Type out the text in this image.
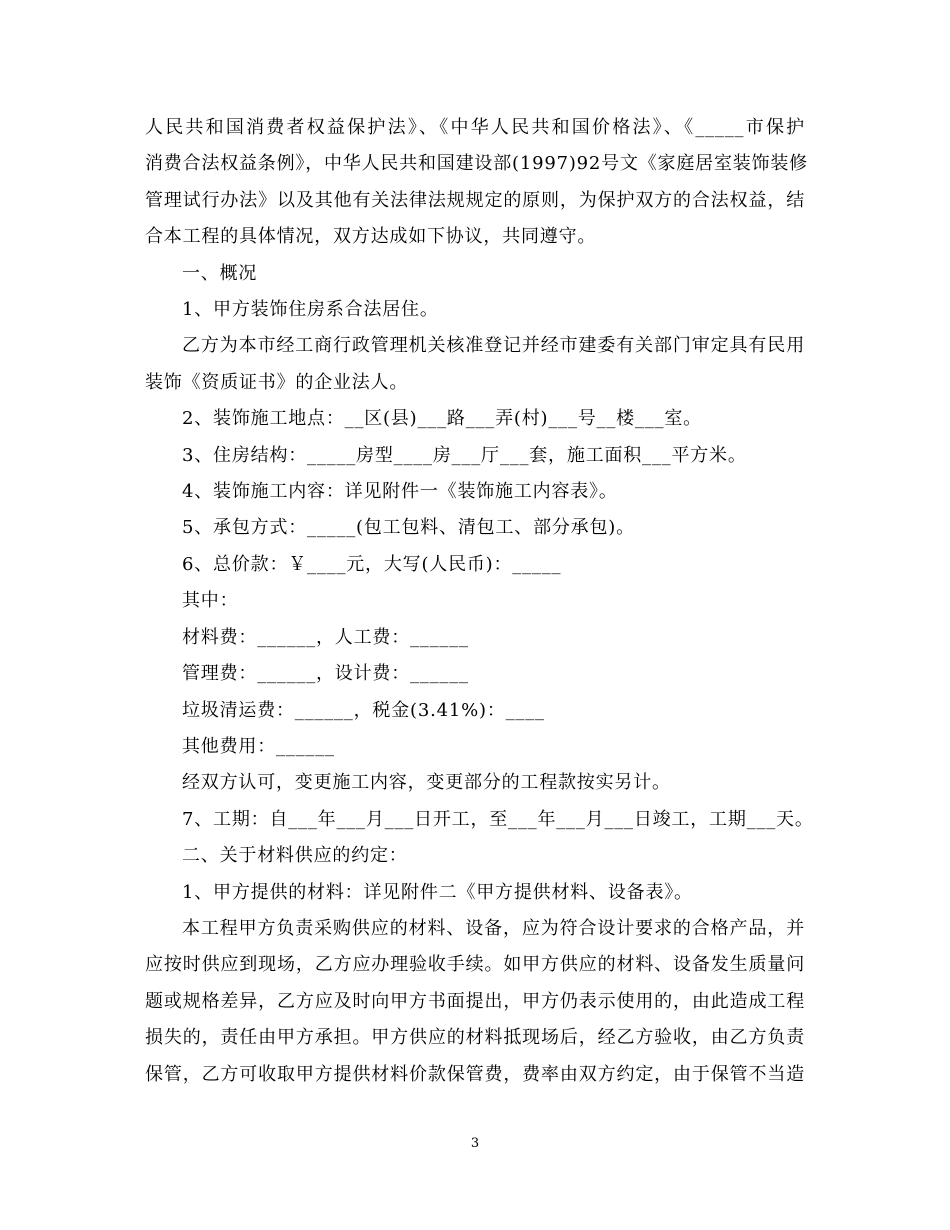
人民共和国消费者权益保护法》、《中华人民共和国价格法》、《_____市保护

消费合法权益条例》，中华人民共和国建设部(1997)92号文《家庭居室装饰装修

管理试行办法》以及其他有关法律法规规定的原则，为保护双方的合法权益，结

合本工程的具体情况，双方达成如下协议，共同遵守。

一、概况

1、甲方装饰住房系合法居住。

乙方为本市经工商行政管理机关核准登记并经市建委有关部门审定具有民用

装饰《资质证书》的企业法人。

2、装饰施工地点：__区(县)___路___弄(村)___号__楼___室。

3、住房结构：_____房型____房___厅___套，施工面积___平方米。

4、装饰施工内容：详见附件一《装饰施工内容表》。

5、承包方式：_____(包工包料、清包工、部分承包)。

6、总价款：￥____元，大写(人民币)：_____

其中：

材料费：______，人工费：______

管理费：______，设计费：______

垃圾清运费：______，税金(3.41%)：____

其他费用：______

经双方认可，变更施工内容，变更部分的工程款按实另计。

7、工期：自___年___月___日开工，至___年___月___日竣工，工期___天。

二、关于材料供应的约定：

1、甲方提供的材料：详见附件二《甲方提供材料、设备表》。

本工程甲方负责采购供应的材料、设备，应为符合设计要求的合格产品，并

应按时供应到现场，乙方应办理验收手续。如甲方供应的材料、设备发生质量问

题或规格差异，乙方应及时向甲方书面提出，甲方仍表示使用的，由此造成工程

损失的，责任由甲方承担。甲方供应的材料抵现场后，经乙方验收，由乙方负责

保管，乙方可收取甲方提供材料价款保管费，费率由双方约定，由于保管不当造

3
